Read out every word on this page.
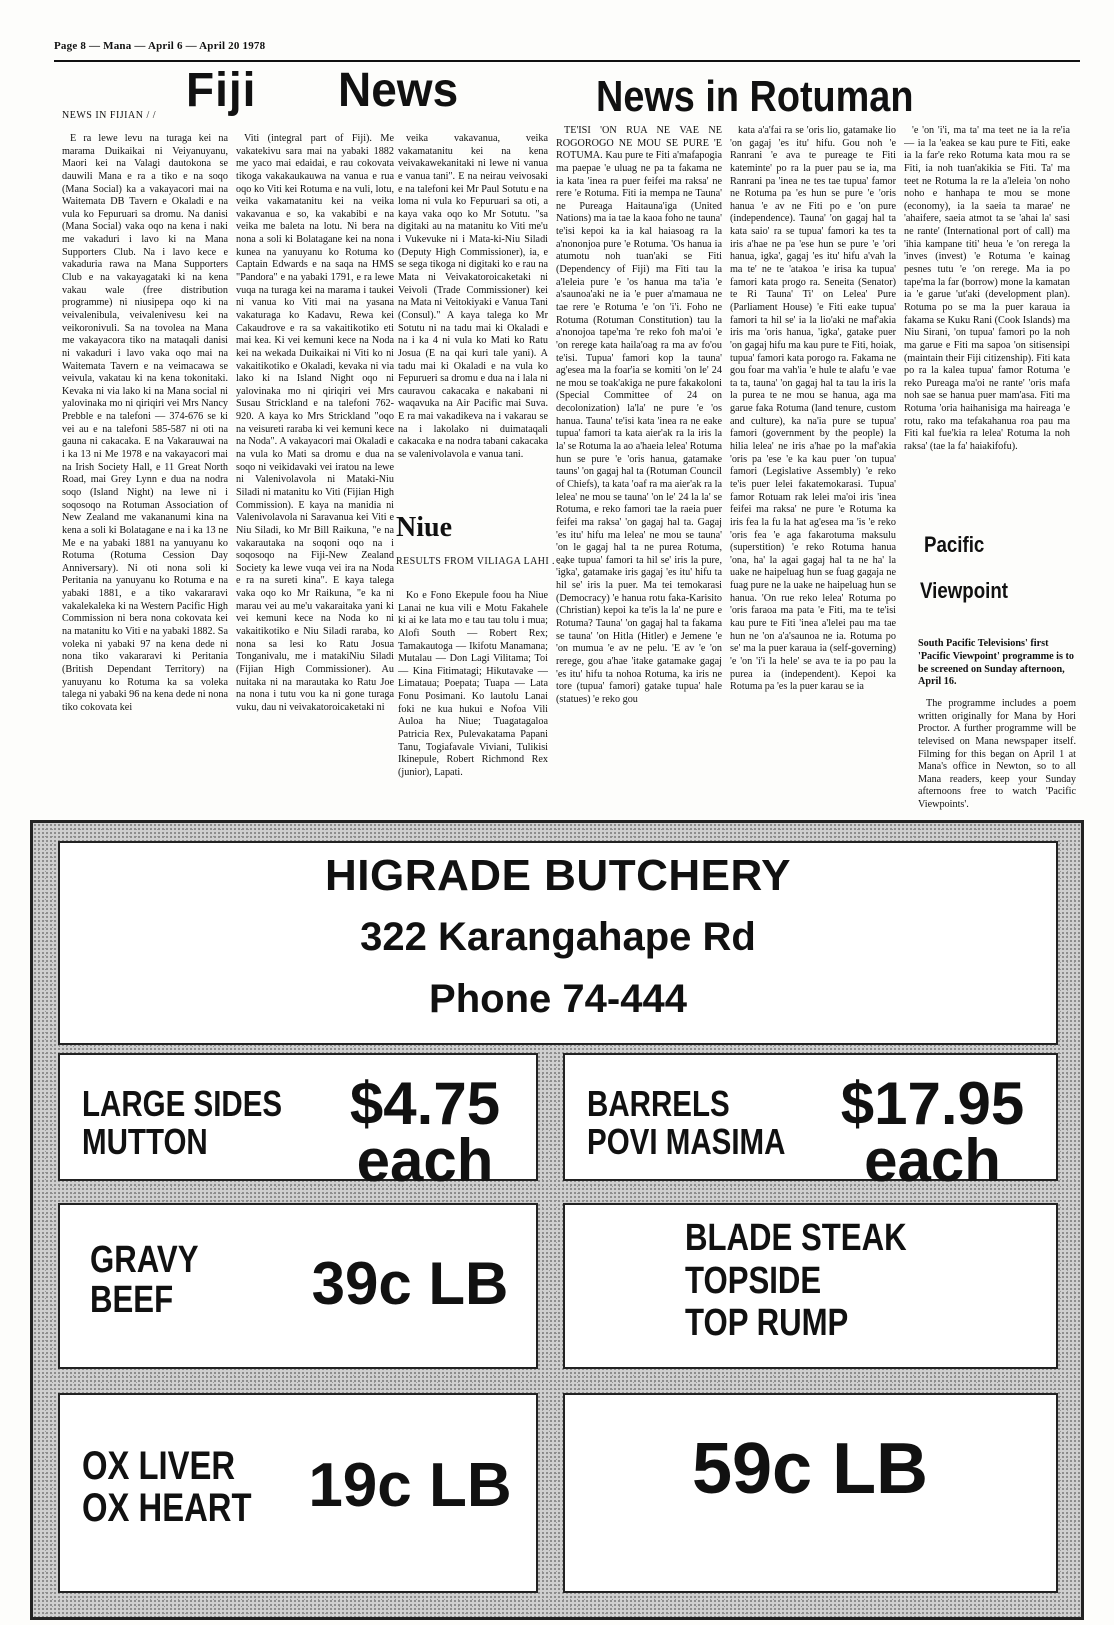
Page 8 — Mana — April 6 — April 20 1978
Fiji News	News in Rotuman
NEWS IN FIJIAN / /

E ra lewe levu na turaga kei na marama Duikaikai ni Veiyanuyanu, Maori kei na Valagi dautokona se dauwili Mana e ra a tiko e na soqo (Mana Social) ka a vakayacori mai na Waitemata DB Tavern e Okaladi e na vula ko Fepuruari sa dromu. Na danisi (Mana Social) vaka oqo na kena i naki me vakaduri i lavo ki na Mana Supporters Club. Na i lavo kece e vakaduria rawa na Mana Supporters Club e na vakayagataki ki na kena vakau wale (free distribution programme) ni niusipepa oqo ki na veivalenibula, veivalenivesu kei na veikoronivuli. Sa na tovolea na Mana me vakayacora tiko na mataqali danisi ni vakaduri i lavo vaka oqo mai na Waitemata Tavern e na veimacawa se veivula, vakatau ki na kena tokonitaki. Kevaka ni via lako ki na Mana social ni yalovinaka mo ni qiriqiri vei Mrs Nancy Prebble e na talefoni — 374-676 se ki vei au e na talefoni 585-587 ni oti na gauna ni cakacaka. E na Vakarauwai na i ka 13 ni Me 1978 e na vakayacori mai na Irish Society Hall, e 11 Great North Road, mai Grey Lynn e dua na nodra soqo (Island Night) na lewe ni i soqosoqo na Rotuman Association of New Zealand me vakananumi kina na kena a soli ki Bolatagane e na i ka 13 ne Me e na yabaki 1881 na yanuyanu ko Rotuma (Rotuma Cession Day Anniversary). Ni oti nona soli ki Peritania na yanuyanu ko Rotuma e na yabaki 1881, e a tiko vakararavi vakalekaleka ki na Western Pacific High Commission ni bera nona cokovata kei na matanitu ko Viti e na yabaki 1882. Sa voleka ni yabaki 97 na kena dede ni nona tiko vakararavi ki Peritania (British Dependant Territory) na yanuyanu ko Rotuma ka sa voleka talega ni yabaki 96 na kena dede ni nona tiko cokovata kei

Viti (integral part of Fiji). Me vakatekivu sara mai na yabaki 1882 me yaco mai edaidai, e rau cokovata tikoga vakakaukauwa na vanua e rua oqo ko Viti kei Rotuma e na vuli, lotu, veika vakamatanitu kei na veika vakavanua e so, ka vakabibi e na veika me baleta na lotu. Ni bera na nona a soli ki Bolatagane kei na nona kunea na yanuyanu ko Rotuma ko Captain Edwards e na saqa na HMS "Pandora" e na yabaki 1791, e ra lewe vuqa na turaga kei na marama i taukei ni vanua ko Viti mai na yasana vakaturaga ko Kadavu, Rewa kei Cakaudrove e ra sa vakaitikotiko eti mai kea. Ki vei kemuni kece na Noda kei na wekada Duikaikai ni Viti ko ni vakaitikotiko e Okaladi, kevaka ni via lako ki na Island Night oqo ni yalovinaka mo ni qiriqiri vei Mrs Susau Strickland e na talefoni 762-920. A kaya ko Mrs Strickland "oqo na veisureti raraba ki vei kemuni kece na Noda". A vakayacori mai Okaladi e na vula ko Mati sa dromu e dua na soqo ni veikidavaki vei iratou na lewe ni Valenivolavola ni Mataki-Niu Siladi ni matanitu ko Viti (Fijian High Commission). E kaya na manidia ni Valenivolavola ni Saravanua kei Viti e Niu Siladi, ko Mr Bill Raikuna, "e na vakarautaka na soqoni oqo na i soqosoqo na Fiji-New Zealand Society ka lewe vuqa vei ira na Noda e ra na sureti kina". E kaya talega vaka oqo ko Mr Raikuna, "e ka ni marau vei au me'u vakaraitaka yani ki vei kemuni kece na Noda ko ni vakaitikotiko e Niu Siladi raraba, ko nona sa lesi ko Ratu Josua Tonganivalu, me i matakiNiu Siladi (Fijian High Commissioner). Au nuitaka ni na marautaka ko Ratu Joe na nona i tutu vou ka ni gone turaga vuku, dau ni veivakatoroicaketaki ni

veika vakavanua, veika vakamatanitu kei na kena veivakawekanitaki ni lewe ni vanua e vanua tani". E na neirau veivosaki e na talefoni kei Mr Paul Sotutu e na loma ni vula ko Fepuruari sa oti, a kaya vaka oqo ko Mr Sotutu. "sa digitaki au na matanitu ko Viti me'u i Vukevuke ni i Mata-ki-Niu Siladi (Deputy High Commissioner), ia, e se sega tikoga ni digitaki ko e rau na Mata ni Veivakatoroicaketaki ni Veivoli (Trade Commissioner) kei na Mata ni Veitokiyaki e Vanua Tani (Consul)." A kaya talega ko Mr Sotutu ni na tadu mai ki Okaladi e na i ka 4 ni vula ko Mati ko Ratu Josua (E na qai kuri tale yani). A tadu mai ki Okaladi e na vula ko Fepurueri sa dromu e dua na i lala ni cauravou cakacaka e nakabani ni waqavuka na Air Pacific mai Suva. E ra mai vakadikeva na i vakarau se na i lakolako ni duimataqali cakacaka e na nodra tabani cakacaka se valenivolavola e vanua tani.

Niue
RESULTS FROM VILIAGA LAHI . . .

Ko e Fono Ekepule foou ha Niue Lanai ne kua vili e Motu Fakahele ki ai ke lata mo e tau tau tolu i mua; Alofi South — Robert Rex; Tamakautoga — Ikifotu Manamana; Mutalau — Don Lagi Vilitama; Toi — Kina Fitimatagi; Hikutavake — Limataua; Poepata; Tuapa — Lata Fonu Posimani. Ko lautolu Lanai foki ne kua hukui e Nofoa Vili Auloa ha Niue; Tuagatagaloa Patricia Rex, Pulevakatama Papani Tanu, Togiafavale Viviani, Tulikisi Ikinepule, Robert Richmond Rex (junior), Lapati.

TE'ISI 'ON RUA NE VAE NE ROGOROGO NE MOU SE PURE 'E ROTUMA. Kau pure te Fiti a'mafapogia ma paepae 'e uluag ne pa ta fakama ne ia kata 'inea ra puer feifei ma raksa' ne rere 'e Rotuma. Fiti ia mempa ne Tauna' ne Pureaga Haitauna'iga (United Nations) ma ia tae la kaoa foho ne tauna' te'isi kepoi ka ia kal haiasoag ra la a'nononjoa pure 'e Rotuma. 'Os hanua ia atumotu noh tuan'aki se Fiti (Dependency of Fiji) ma Fiti tau la a'leleia pure 'e 'os hanua ma ta'ia 'e a'saunoa'aki ne ia 'e puer a'mamaua ne tae rere 'e Rotuma 'e 'on 'i'i. Foho ne Rotuma (Rotuman Constitution) tau la a'nonojoa tape'ma 're reko foh ma'oi 'e 'on rerege kata haila'oag ra ma av fo'ou te'isi. Tupua' famori kop la tauna' ag'esea ma la foar'ia se komiti 'on le' 24 ne mou se toak'akiga ne pure fakakoloni (Special Committee of 24 on decolonization) la'la' ne pure 'e 'os hanua. Tauna' te'isi kata 'inea ra ne eake tupua' famori ta kata aier'ak ra la iris la la' se Rotuma la ao a'haeia lelea' Rotuma hun se pure 'e 'oris hanua, gatamake tauns' 'on gagaj hal ta (Rotuman Council of Chiefs), ta kata 'oaf ra ma aier'ak ra la lelea' ne mou se tauna' 'on le' 24 la la' se Rotuma, e reko famori tae la raeia puer feifei ma raksa' 'on gagaj hal ta. Gagaj 'es itu' hifu ma lelea' ne mou se tauna' 'on le gagaj hal ta ne purea Rotuma, eake tupua' famori ta hil se' iris la pure, 'igka', gatamake iris gagaj 'es itu' hifu ta hil se' iris la puer. Ma tei temokarasi (Democracy) 'e hanua rotu faka-Karisito (Christian) kepoi ka te'is la la' ne pure e Rotuma? Tauna' 'on gagaj hal ta fakama se tauna' 'on Hitla (Hitler) e Jemene 'e 'on mumua 'e av ne pelu. 'E av 'e 'on rerege, gou a'hae 'itake gatamake gagaj 'es itu' hifu ta nohoa Rotuma, ka iris ne tore (tupua' famori) gatake tupua' hale (statues) 'e reko gou

kata a'a'fai ra se 'oris lio, gatamake lio 'on gagaj 'es itu' hifu. Gou noh 'e Ranrani 'e ava te pureage te Fiti kateminte' po ra la puer pau se ia, ma Ranrani pa 'inea ne tes tae tupua' famor ne Rotuma pa 'es hun se pure 'e 'oris hanua 'e av ne Fiti po e 'on pure (independence). Tauna' 'on gagaj hal ta kata saio' ra se tupua' famori ka tes ta iris a'hae ne pa 'ese hun se pure 'e 'ori hanua, igka', gagaj 'es itu' hifu a'vah la ma te' ne te 'atakoa 'e irisa ka tupua' famori kata progo ra. Seneita (Senator) te Ri Tauna' Ti' on Lelea' Pure (Parliament House) 'e Fiti eake tupua' famori ta hil se' ia la lio'aki ne maf'akia iris ma 'oris hanua, 'igka', gatake puer 'on gagaj hifu ma kau pure te Fiti, hoiak, tupua' famori kata porogo ra. Fakama ne gou foar ma vah'ia 'e hule te alafu 'e vae ta ta, tauna' 'on gagaj hal ta tau la iris la la purea te ne mou se hanua, aga ma garue faka Rotuma (land tenure, custom and culture), ka na'ia pure se tupua' famori (government by the people) la hilia lelea' ne iris a'hae po la maf'akia 'oris pa 'ese 'e ka kau puer 'on tupua' famori (Legislative Assembly) 'e reko te'is puer lelei fakatemokarasi. Tupua' famor Rotuam rak lelei ma'oi iris 'inea feifei ma raksa' ne pure 'e Rotuma ka iris fea la fu la hat ag'esea ma 'is 'e reko 'oris fea 'e aga fakarotuma maksulu (superstition) 'e reko Rotuma hanua 'ona, ha' la agai gagaj hal ta ne ha' la uake ne haipeluag hun se fuag gagaja ne fuag pure ne la uake ne haipeluag hun se hanua. 'On rue reko lelea' Rotuma po 'oris faraoa ma pata 'e Fiti, ma te te'isi kau pure te Fiti 'inea a'lelei pau ma tae hun ne 'on a'a'saunoa ne ia. Rotuma po se' ma la puer karaua ia (self-governing) 'e 'on 'i'i la hele' se ava te ia po pau la purea ia (independent). Kepoi ka Rotuma pa 'es la puer karau se ia

'e 'on 'i'i, ma ta' ma teet ne ia la re'ia — ia la 'eakea se kau pure te Fiti, eake ia la far'e reko Rotuma kata mou ra se Fiti, ia noh tuan'akikia se Fiti. Ta' ma teet ne Rotuma la re la a'leleia 'on noho noho e hanhapa te mou se mone (economy), ia la saeia ta marae' ne 'ahaifere, saeia atmot ta se 'ahai la' sasi ne rante' (International port of call) ma 'ihia kampane titi' heua 'e 'on rerega la 'inves (invest) 'e Rotuma 'e kainag pesnes tutu 'e 'on rerege. Ma ia po tape'ma la far (borrow) mone la kamatan ia 'e garue 'ut'aki (development plan). Rotuma po se ma la puer karaua ia fakama se Kuku Rani (Cook Islands) ma Niu Sirani, 'on tupua' famori po la noh ma garue e Fiti ma sapoa 'on sitisensipi (maintain their Fiji citizenship). Fiti kata po ra la kalea tupua' famor Rotuma 'e reko Pureaga ma'oi ne rante' 'oris mafa noh sae se hanua puer mam'asa. Fiti ma Rotuma 'oria haihanisiga ma haireaga 'e rotu, rako ma tefakahanua roa pau ma Fiti kal fue'kia ra lelea' Rotuma la noh raksa' (tae la fa' haiakifofu).

Pacific
Viewpoint
South Pacific Televisions' first 'Pacific Viewpoint' programme is to be screened on Sunday afternoon, April 16.

The programme includes a poem written originally for Mana by Hori Proctor. A further programme will be televised on Mana newspaper itself. Filming for this began on April 1 at Mana's office in Newton, so to all Mana readers, keep your Sunday afternoons free to watch 'Pacific Viewpoints'.

HIGRADE BUTCHERY
322 Karangahape Rd
Phone 74-444
LARGE SIDES
MUTTON
$4.75
each
BARRELS
POVI MASIMA
$17.95
each
GRAVY
BEEF	39c LB
BLADE STEAK
TOPSIDE
TOP RUMP
OX LIVER
OX HEART 19c LB	59c LB
